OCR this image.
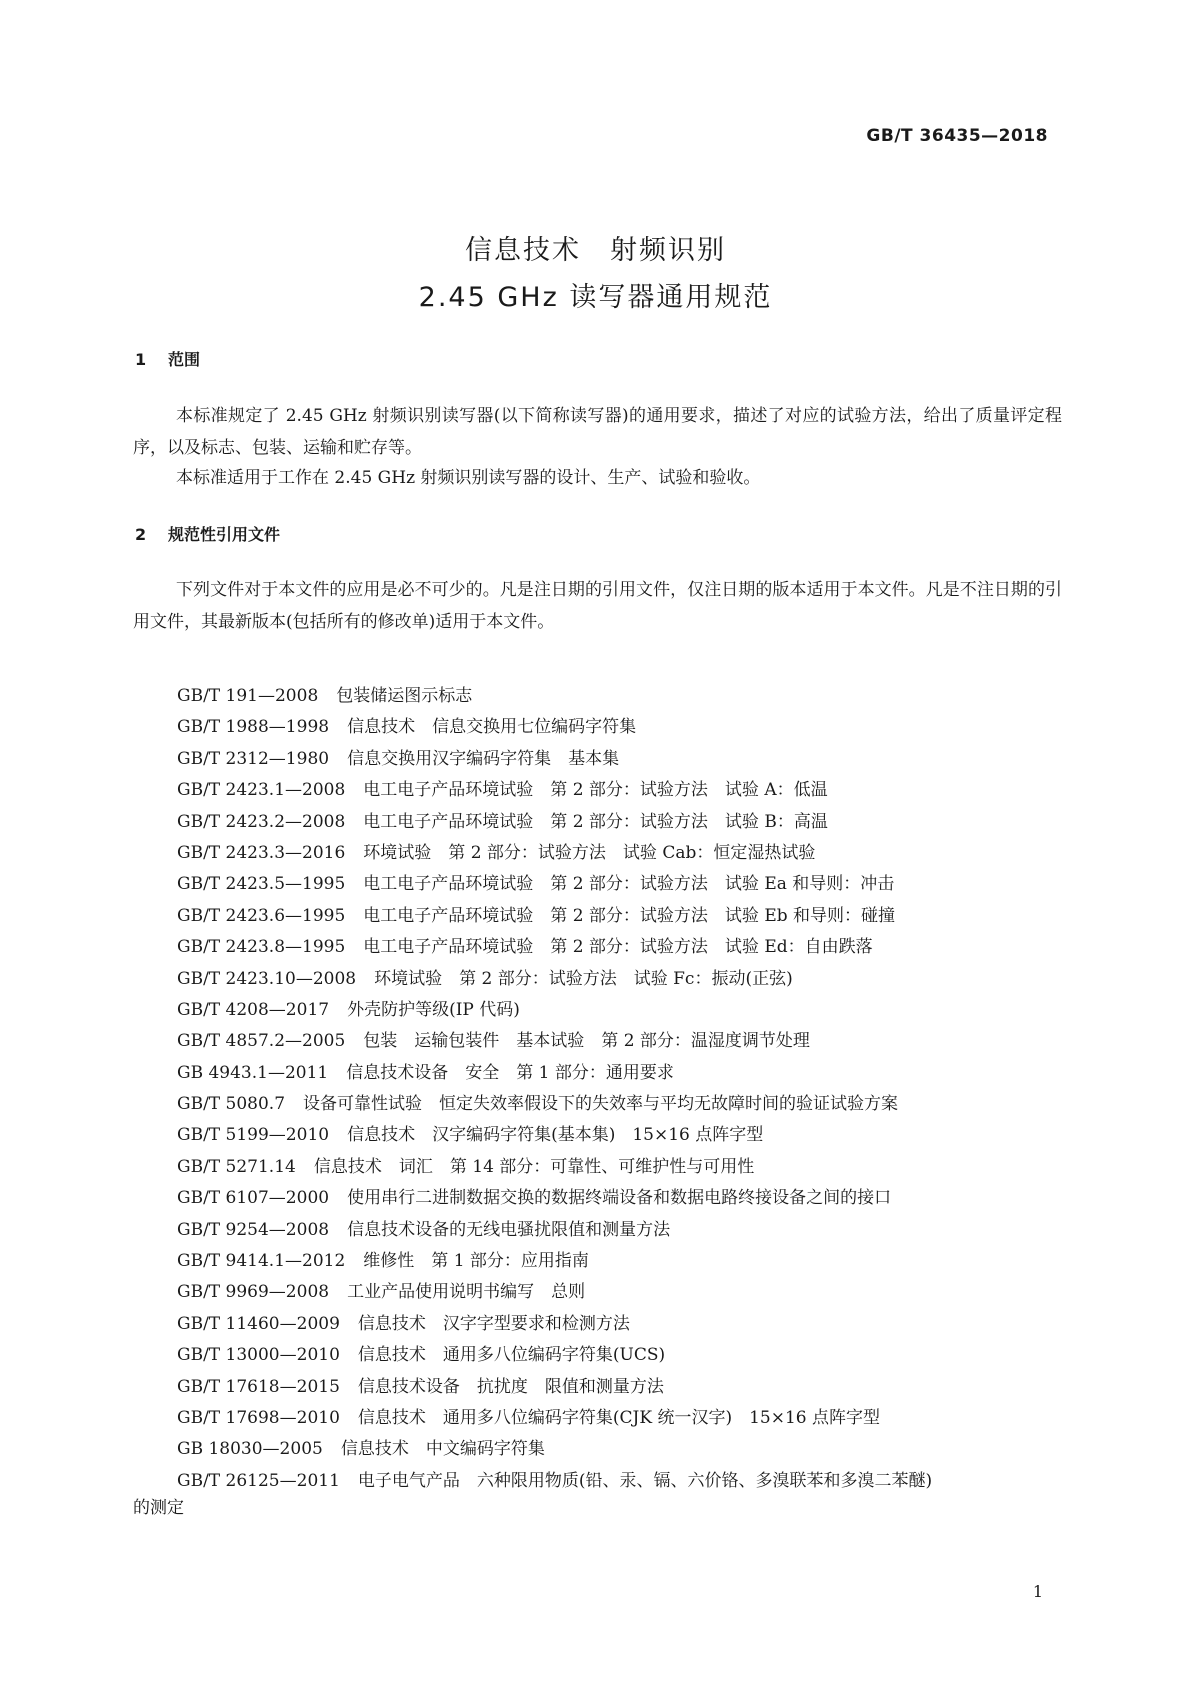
GB/T 36435—2018
信息技术　射频识别
2.45 GHz 读写器通用规范
1 范围
本标准规定了 2.45 GHz 射频识别读写器(以下简称读写器)的通用要求，描述了对应的试验方法，给出了质量评定程序，以及标志、包装、运输和贮存等。
本标准适用于工作在 2.45 GHz 射频识别读写器的设计、生产、试验和验收。
2 规范性引用文件
下列文件对于本文件的应用是必不可少的。凡是注日期的引用文件，仅注日期的版本适用于本文件。凡是不注日期的引用文件，其最新版本(包括所有的修改单)适用于本文件。
GB/T 191—2008 包装储运图示标志
GB/T 1988—1998 信息技术　信息交换用七位编码字符集
GB/T 2312—1980 信息交换用汉字编码字符集　基本集
GB/T 2423.1—2008 电工电子产品环境试验　第 2 部分：试验方法　试验 A：低温
GB/T 2423.2—2008 电工电子产品环境试验　第 2 部分：试验方法　试验 B：高温
GB/T 2423.3—2016 环境试验　第 2 部分：试验方法　试验 Cab：恒定湿热试验
GB/T 2423.5—1995 电工电子产品环境试验　第 2 部分：试验方法　试验 Ea 和导则：冲击
GB/T 2423.6—1995 电工电子产品环境试验　第 2 部分：试验方法　试验 Eb 和导则：碰撞
GB/T 2423.8—1995 电工电子产品环境试验　第 2 部分：试验方法　试验 Ed：自由跌落
GB/T 2423.10—2008 环境试验　第 2 部分：试验方法　试验 Fc：振动(正弦)
GB/T 4208—2017 外壳防护等级(IP 代码)
GB/T 4857.2—2005 包装　运输包装件　基本试验　第 2 部分：温湿度调节处理
GB 4943.1—2011 信息技术设备　安全　第 1 部分：通用要求
GB/T 5080.7 设备可靠性试验　恒定失效率假设下的失效率与平均无故障时间的验证试验方案
GB/T 5199—2010 信息技术　汉字编码字符集(基本集)　15×16 点阵字型
GB/T 5271.14 信息技术　词汇　第 14 部分：可靠性、可维护性与可用性
GB/T 6107—2000 使用串行二进制数据交换的数据终端设备和数据电路终接设备之间的接口
GB/T 9254—2008 信息技术设备的无线电骚扰限值和测量方法
GB/T 9414.1—2012 维修性　第 1 部分：应用指南
GB/T 9969—2008 工业产品使用说明书编写　总则
GB/T 11460—2009 信息技术　汉字字型要求和检测方法
GB/T 13000—2010 信息技术　通用多八位编码字符集(UCS)
GB/T 17618—2015 信息技术设备　抗扰度　限值和测量方法
GB/T 17698—2010 信息技术　通用多八位编码字符集(CJK 统一汉字)　15×16 点阵字型
GB 18030—2005 信息技术　中文编码字符集
GB/T 26125—2011 电子电气产品　六种限用物质(铅、汞、镉、六价铬、多溴联苯和多溴二苯醚)
的测定
1
